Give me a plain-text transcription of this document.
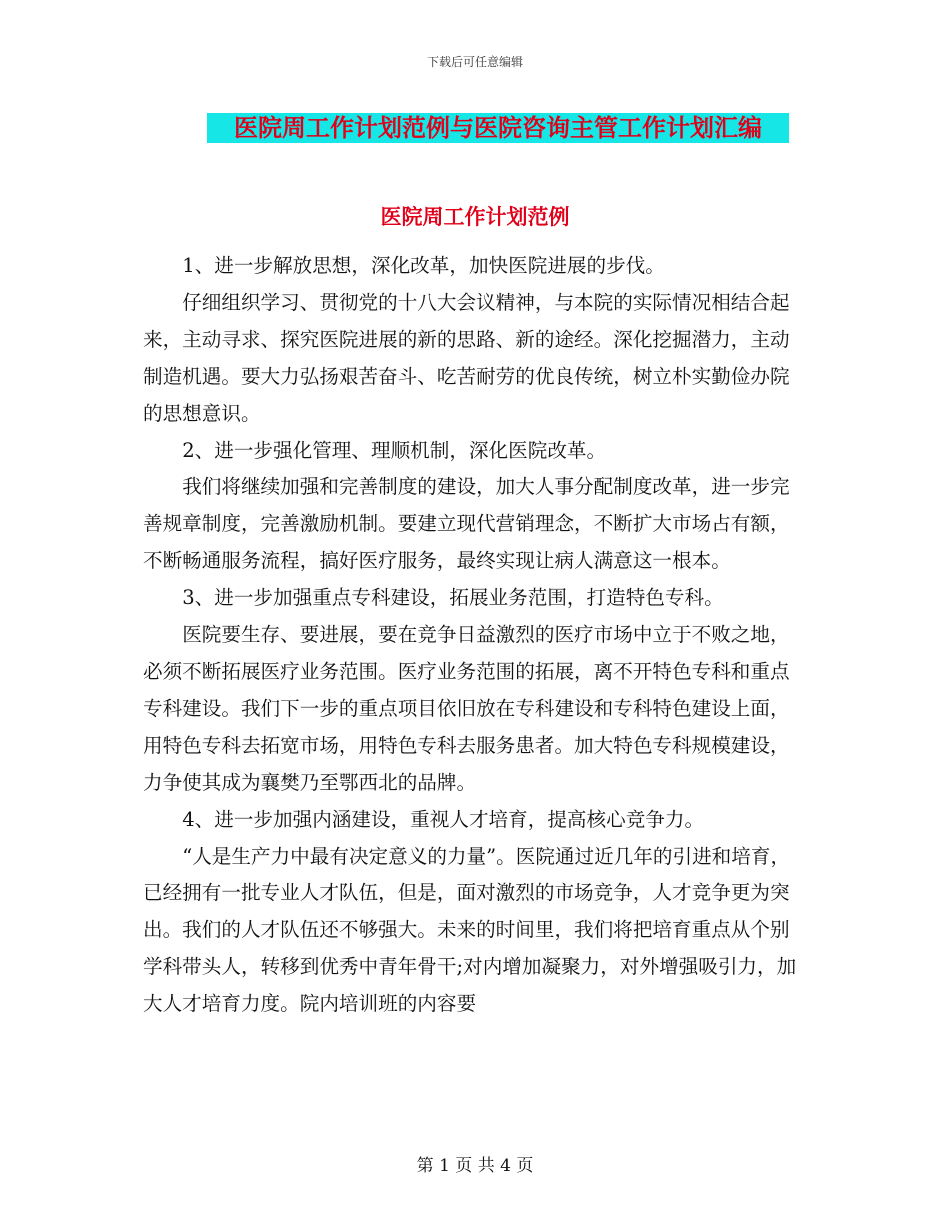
下载后可任意编辑
医院周工作计划范例与医院咨询主管工作计划汇编
医院周工作计划范例

1、进一步解放思想，深化改革，加快医院进展的步伐。

仔细组织学习、贯彻党的十八大会议精神，与本院的实际情况相结合起来，主动寻求、探究医院进展的新的思路、新的途经。深化挖掘潜力，主动制造机遇。要大力弘扬艰苦奋斗、吃苦耐劳的优良传统，树立朴实勤俭办院的思想意识。

2、进一步强化管理、理顺机制，深化医院改革。

我们将继续加强和完善制度的建设，加大人事分配制度改革，进一步完善规章制度，完善激励机制。要建立现代营销理念，不断扩大市场占有额，不断畅通服务流程，搞好医疗服务，最终实现让病人满意这一根本。

3、进一步加强重点专科建设，拓展业务范围，打造特色专科。

医院要生存、要进展，要在竞争日益激烈的医疗市场中立于不败之地，必须不断拓展医疗业务范围。医疗业务范围的拓展，离不开特色专科和重点专科建设。我们下一步的重点项目依旧放在专科建设和专科特色建设上面，用特色专科去拓宽市场，用特色专科去服务患者。加大特色专科规模建设，力争使其成为襄樊乃至鄂西北的品牌。

4、进一步加强内涵建设，重视人才培育，提高核心竞争力。

“人是生产力中最有决定意义的力量”。医院通过近几年的引进和培育，已经拥有一批专业人才队伍，但是，面对激烈的市场竞争，人才竞争更为突出。我们的人才队伍还不够强大。未来的时间里，我们将把培育重点从个别学科带头人，转移到优秀中青年骨干;对内增加凝聚力，对外增强吸引力，加大人才培育力度。院内培训班的内容要

第 1 页 共 4 页
